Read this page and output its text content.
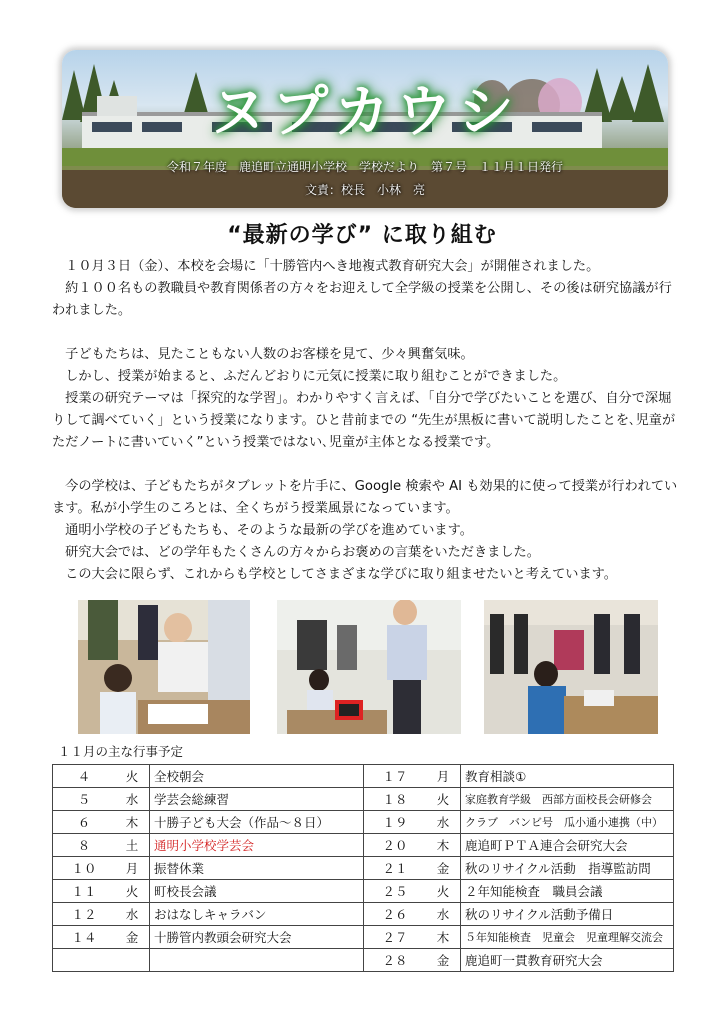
ヌプカウシ
令和７年度　鹿追町立通明小学校　学校だより　第７号　１１月１日発行
文責：校長　小林　亮
“最新の学び” に取り組む

　１０月３日（金）、本校を会場に「十勝管内へき地複式教育研究大会」が開催されました。

　約１００名もの教職員や教育関係者の方々をお迎えして全学級の授業を公開し、その後は研究協議が行われました。

　子どもたちは、見たこともない人数のお客様を見て、少々興奮気味。

　しかし、授業が始まると、ふだんどおりに元気に授業に取り組むことができました。

　授業の研究テーマは「探究的な学習」。わかりやすく言えば、「自分で学びたいことを選び、自分で深堀りして調べていく」という授業になります。ひと昔前までの “先生が黒板に書いて説明したことを､児童がただノートに書いていく”という授業ではない､児童が主体となる授業です。

　今の学校は、子どもたちがタブレットを片手に、Google 検索や AI も効果的に使って授業が行われています。私が小学生のころとは、全くちがう授業風景になっています。

　通明小学校の子どもたちも、そのような最新の学びを進めています。

　研究大会では、どの学年もたくさんの方々からお褒めの言葉をいただきました。

　この大会に限らず、これからも学校としてさまざまな学びに取り組ませたいと考えています。

１１月の主な行事予定
４	火	全校朝会	１７	月	教育相談①
５	水	学芸会総練習	１８	火	家庭教育学級　西部方面校長会研修会
６	木	十勝子ども大会（作品～８日）	１９	水	クラブ　バンビ号　瓜小通小連携（中）
８	土	通明小学校学芸会	２０	木	鹿追町ＰＴＡ連合会研究大会
１０	月	振替休業	２１	金	秋のリサイクル活動　指導監訪問
１１	火	町校長会議	２５	火	２年知能検査　職員会議
１２	水	おはなしキャラバン	２６	水	秋のリサイクル活動予備日
１４	金	十勝管内教頭会研究大会	２７	木	５年知能検査　児童会　児童理解交流会
			２８	金	鹿追町一貫教育研究大会
